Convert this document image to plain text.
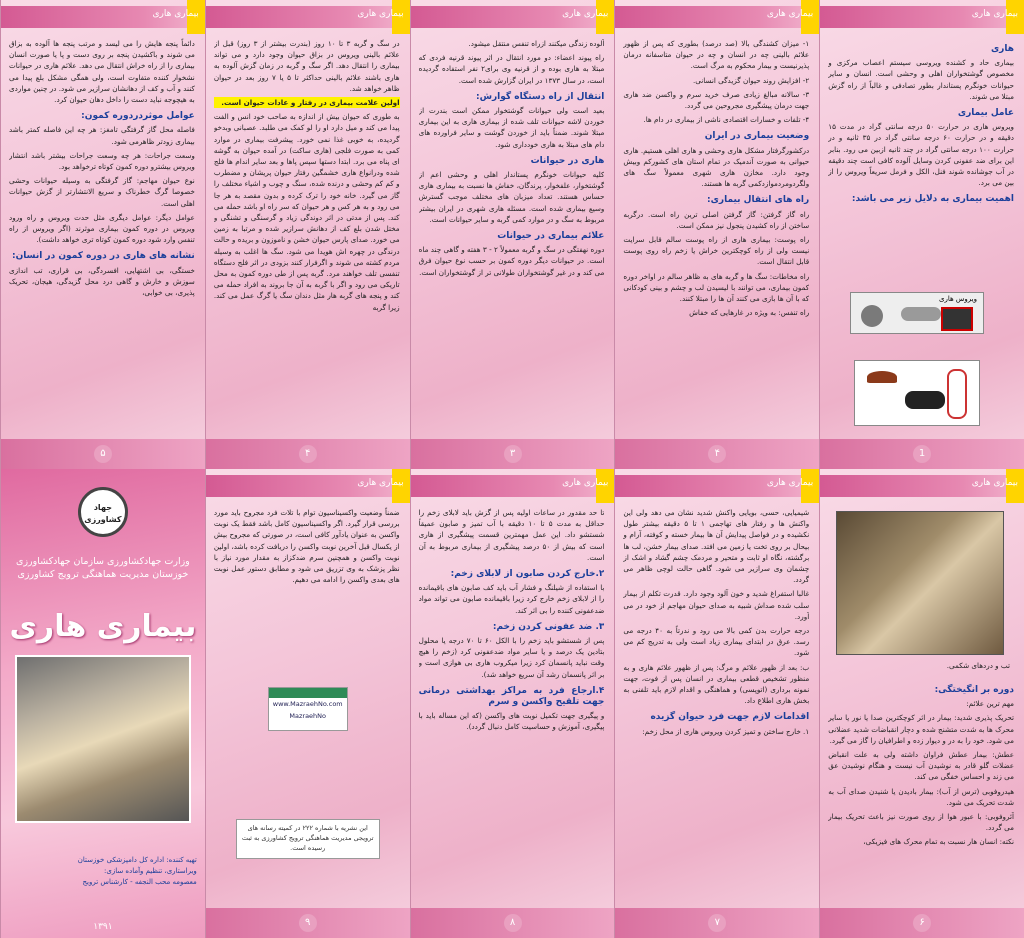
بیماری هاری
هاری

بیماری حاد و کشنده ویروسی سیستم اعصاب مرکزی و مخصوص گوشتخواران اهلی و وحشی است. انسان و سایر حیوانات خونگرم پستاندار بطور تصادفی و غالباً از راه گزش مبتلا می شوند.

عامل بیماری

ویروس هاری در حرارت ۵۰ درجه سانتی گراد در مدت ۱۵ دقیقه و در حرارت ۶۰ درجه سانتی گراد در ۳۵ ثانیه و در حرارت ۱۰۰ درجه سانتی گراد در چند ثانیه ازبین می رود. بنابر این برای ضد عفونی کردن وسایل آلوده کافی است چند دقیقه در آب جوشانده شوند فنل، الکل و فرمل سریعاً ویروس را از بین می برد.

اهمیت بیماری به دلایل زیر می باشد:
ویروس هاری
1
بیماری هاری

۱- میزان کشندگی بالا (صد درصد) بطوری که پس از ظهور علائم بالینی چه در انسان و چه در حیوان متاسفانه درمان پذیرنیست و بیمار محکوم به مرگ است.

۲- افزایش روند حیوان گزیدگی انسانی.

۳- سالانه مبالغ زیادی صرف خرید سرم و واکسن ضد هاری جهت درمان پیشگیری مجروحین می گردد.

۴- تلفات و خسارات اقتصادی ناشی از بیماری در دام ها.

وضعیت بیماری در ایران

درکشورگرفتار مشکل هاری وحشی و هاری اهلی هستیم. هاری حیوانی به صورت آندمیک در تمام استان های کشورکم وبیش وجود دارد. مخازن هاری شهری معمولاً سگ های ولگردومردموازدکمی گربه ها هستند.

راه های انتقال بیماری:

راه گاز گرفتن: گاز گرفتن اصلی ترین راه است. درگربه ساختن از راه کشیدن پنجول نیز ممکن است.

راه پوست: بیماری هاری از راه پوست سالم قابل سرایت نیست ولی از راه کوچکترین خراش یا زخم راه روی پوست قابل انتقال است.

راه مخاطات: سگ ها و گربه های به ظاهر سالم در اواخر دوره کمون بیماری، می توانند با لیسیدن لب و چشم و بینی کودکانی که با آن ها بازی می کنند آن ها را مبتلا کنند.

راه تنفس: به ویژه در غارهایی که خفاش

۴
بیماری هاری

آلوده زندگی میکنند ازراه تنفس منتقل میشود.

راه پیوند اعضاء: دو مورد انتقال در اثر پیوند قرنیه فردی که مبتلا به هاری بوده و از قرنیه وی برای۲ نفر استفاده گردیده است، در سال ۱۳۷۳ در ایران گزارش شده است.

انتقال از راه دستگاه گوارش:

بعید است ولی حیوانات گوشتخوار ممکن است بندرت از خوردن لاشه حیوانات تلف شده از بیماری هاری به این بیماری مبتلا شوند. ضمناً باید از خوردن گوشت و سایر فراورده های دام های مبتلا به هاری خودداری شود.

هاری در حیوانات

کلیه حیوانات خونگرم پستاندار اهلی و وحشی اعم از گوشتخوار، علفخوار، پرندگان، خفاش ها نسبت به بیماری هاری حساس هستند. تعداد میزبان های مختلف موجب گسترش وسیع بیماری شده است. مسئله هاری شهری در ایران بیشتر مربوط به سگ و در موارد کمی گربه و سایر حیوانات است.

علائم بیماری در حیوانات

دوره نهفتگی در سگ و گربه معمولاً ۲ - ۳ هفته و گاهی چند ماه است. در حیوانات دیگر دوره کمون بر حسب نوع حیوان فرق می کند و در غیر گوشتخواران طولانی تر از گوشتخواران است.

۳
بیماری هاری

در سگ و گربه ۳ تا ۱۰ روز (بندرت بیشتر از ۳ روز) قبل از علائم بالینی ویروس در بزاق حیوان وجود دارد و می تواند بیماری را انتقال دهد. اگر سگ و گربه در زمان گزش آلوده به هاری باشند علائم بالینی حداکثر تا ۵ یا ۷ روز بعد در حیوان ظاهر خواهد شد.

اولین علامت بیماری در رفتار و عادات حیوان است.

به طوری که حیوان بیش از اندازه به صاحب خود انس و الفت پیدا می کند و میل دارد او را لو کمک می طلبد. عصبانی وبدخو گردیده، به خوبی غذا نمی خورد. پیشرفت بیماری در موارد کمی به صورت فلجی (هاری ساکت) در آمده حیوان به گوشه ای پناه می برد. ابتدا دستها سپس پاها و بعد سایر اندام ها فلج شده ودرانواع هاری خشمگین رفتار حیوان پریشان و مضطرب و کم کم وحشی و درنده شده، سنگ و چوب و اشیاء مختلف را گاز می گیرد. خانه خود را ترک کرده و بدون مقصد به هر جا می رود و به هر کس و هر حیوان که سر راه او باشد حمله می کند. پس از مدتی در اثر دوندگی زیاد و گرسنگی و تشنگی و مختل شدن بلع کف از دهانش سرازیر شده و مرتبا به زمین می خورد. صدای پارس حیوان خشن و ناموزون و بریده و حالت درندگی در چهره اش هویدا می شود. سگ ها اغلب به وسیله مردم کشته می شوند و اگرفرار کنند بزودی در اثر فلج دستگاه تنفسی تلف خواهند مرد. گربه پس از طی دوره کمون به محل تاریکی می رود و اگر با گربه به آن جا بروند به افراد حمله می کند و پنجه های گربه هار مثل دندان سگ یا گرگ عمل می کند. زیرا گربه

۴
بیماری هاری

دائماً پنجه هایش را می لیسد و مرتب پنجه ها آلوده به بزاق می شوند و باکشیدن پنجه بر روی دست و پا یا صورت انسان بیماری را از راه خراش انتقال می دهد. علائم هاری در حیوانات نشخوار کننده متفاوت است، ولی همگی مشکل بلع پیدا می کنند و آب و کف از دهانشان سرازیر می شود. در چنین مواردی به هیچوجه نباید دست را داخل دهان حیوان کرد.

عوامل موثردردوره کمون:

فاصله محل گاز گرفتگی تامغز: هر چه این فاصله کمتر باشد بیماری زودتر ظاهرمی شود.

وسعت جراحات: هر چه وسعت جراحات بیشتر باشد انتشار ویروس بیشترو دوره کمون کوتاه ترخواهد بود.

نوع حیوان مهاجم: گاز گرفتگی به وسیله حیوانات وحشی خصوصا گرگ خطرناک و سریع الانتشارتر از گزش حیوانات اهلی است.

عوامل دیگر: عوامل دیگری مثل حدت ویروس و راه ورود ویروس در دوره کمون بیماری موثرند (اگر ویروس از راه تنفس وارد شود دوره کمون کوتاه تری خواهد داشت).

نشانه های هاری در دوره کمون در انسان:

خستگی، بی اشتهایی، افسردگی، بی قراری، تب اندازی سوزش و خارش و گاهی درد محل گزیدگی، هیجان، تحریک پذیری، بی خوابی،

۵
بیماری هاری
تب و دردهای شکمی.
دوره بر انگیختگی:

مهم ترین علائم:

تحریک پذیری شدید: بیمار در اثر کوچکترین صدا یا نور یا سایر محرک ها به شدت متشنج شده و دچار انقباضات شدید عضلانی می شود. خود را به در و دیوار زده و اطرافیان را گاز می گیرد.

عطش: بیمار عطش فراوان داشته ولی به علت انقباض عضلات گلو قادر به نوشیدن آب نیست و هنگام نوشیدن عق می زند و احساس خفگی می کند.

هیدروفوبی (ترس از آب): بیمار بادیدن یا شنیدن صدای آب به شدت تحریک می شود.

آئروفوبی: با عبور هوا از روی صورت نیز باعث تحریک بیمار می گردد.

نکته: انسان هار نسبت به تمام محرک های فیزیکی،

۶
بیماری هاری

شیمیایی، حسی، بویایی واکنش شدید نشان می دهد ولی این واکنش ها و رفتار های تهاجمی ۱ تا ۵ دقیقه بیشتر طول نکشیده و در فواصل پیدایش آن ها بیمار خسته و کوفته، آرام و بیحال بر روی تخت یا زمین می افتد. صدای بیمار خشن، لب ها برگشته، نگاه او ثابت و متحیر و مردمک چشم گشاد و اشک از چشمان وی سرازیر می شود. گاهی حالت لوچی ظاهر می گردد.

غالبا استفراغ شدید و خون آلود وجود دارد. قدرت تکلم از بیمار سلب شده صداش شبیه به صدای حیوان مهاجم از خود در می آورد.

درجه حرارت بدن کمی بالا می رود و ندرتاً به ۴۰ درجه می رسد. عرق در ابتدای بیماری زیاد است ولی به تدریج کم می شود.

ب: بعد از ظهور علائم و مرگ: پس از ظهور علائم هاری و به منظور تشخیص قطعی بیماری در انسان پس از فوت، جهت نمونه برداری (اتوپسی) و هماهنگی و اقدام لازم باید تلفنی به بخش هاری اطلاع داد.

اقدامات لازم جهت فرد حیوان گزیده

۱. خارج ساختن و تمیز کردن ویروس هاری از محل زخم:

۷
بیماری هاری

تا حد مقدور در ساعات اولیه پس از گزش باید لابلای زخم را حداقل به مدت ۵ تا ۱۰ دقیقه با آب تمیز و صابون عمیقاً شستشو داد. این عمل مهمترین قسمت پیشگیری از هاری است که بیش از ۵۰ درصد پیشگیری از بیماری مربوط به آن است.

۲.خارج کردن صابون از لابلای زخم:

با استفاده از شیلنگ و فشار آب باید کف صابون های باقیمانده را از لابلای زخم خارج کرد زیرا باقیمانده صابون می تواند مواد ضدعفونی کننده را بی اثر کند.

۳. ضد عفونی کردن زخم:

پس از شستشو باید زخم را با الکل ۶۰ تا ۷۰ درجه یا محلول بتادین یک درصد و یا سایر مواد ضدعفونی کرد (زخم را هیچ وقت نباید پانسمان کرد زیرا میکروب هاری بی هوازی است و بر اثر پانسمان رشد آن سریع خواهد شد).

۴.ارجاع فرد به مراکز بهداشتی درمانی جهت تلقیح واکسن و سرم

و پیگیری جهت تکمیل نوبت های واکسن (که این مساله باید با پیگیری، آموزش و حساسیت کامل دنبال گردد).

۸
بیماری هاری

ضمناً وضعیت واکسیناسیون توام با تلات فرد مجروح باید مورد بررسی قرار گیرد. اگر واکسیناسیون کامل باشد فقط یک نوبت واکسن به عنوان یادآور کافی است، در صورتی که مجروح بیش از یکسال قبل آخرین نوبت واکسن را دریافت کرده باشد، اولین نوبت واکسن و همچنین سرم ضدکزاز به مقدار مورد نیاز با نظر پزشک به وی تزریق می شود و مطابق دستور عمل نوبت های بعدی واکسن را ادامه می دهیم.

www.MazraehNo.com
MazraehNo
این نشریه با شماره ۲۲۲ در کمیته رسانه های ترویجی مدیریت هماهنگی ترویج کشاورزی به ثبت رسیده است.
۹
جهاد کشاورزی
وزارت جهادکشاورزی سازمان جهادکشاورزی خوزستان مدیریت هماهنگی ترویج کشاورزی
بیماری هاری
تهیه کننده: اداره کل دامپزشکی خوزستان
ویراستاری، تنظیم وآماده سازی:
معصومه محب النجفه - کارشناس ترویج
۱۳۹۱
